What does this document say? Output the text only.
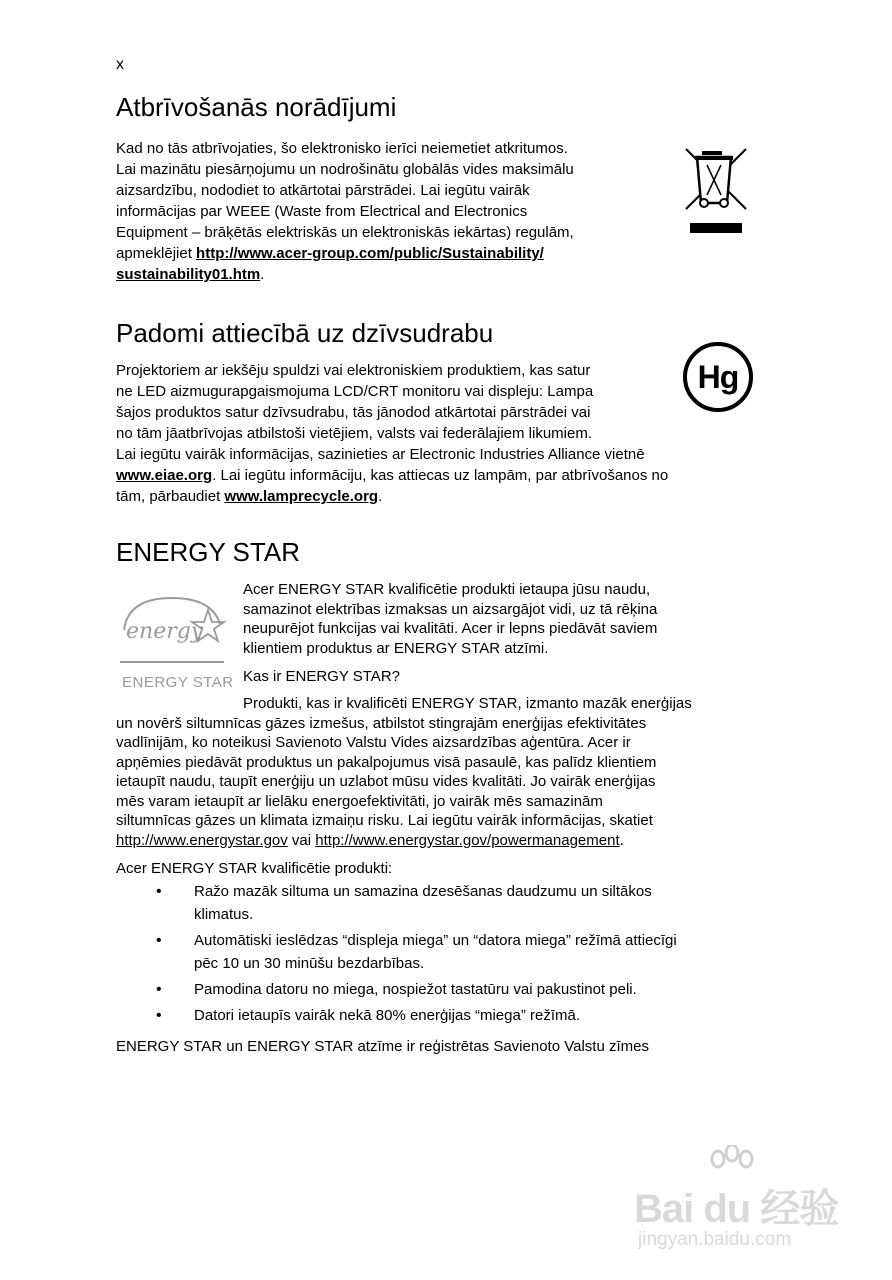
x
Atbrīvošanās norādījumi
Kad no tās atbrīvojaties, šo elektronisko ierīci neiemetiet atkritumos.
Lai mazinātu piesārņojumu un nodrošinātu globālās vides maksimālu
aizsardzību, nododiet to atkārtotai pārstrādei. Lai iegūtu vairāk
informācijas par WEEE (Waste from Electrical and Electronics
Equipment – brāķētās elektriskās un elektroniskās iekārtas) regulām,
apmeklējiet http://www.acer-group.com/public/Sustainability/
sustainability01.htm.
Padomi attiecībā uz dzīvsudrabu
Projektoriem ar iekšēju spuldzi vai elektroniskiem produktiem, kas satur
ne LED aizmugurapgaismojuma LCD/CRT monitoru vai displeju: Lampa
šajos produktos satur dzīvsudrabu, tās jānodod atkārtotai pārstrādei vai
no tām jāatbrīvojas atbilstoši vietējiem, valsts vai federālajiem likumiem.
Lai iegūtu vairāk informācijas, sazinieties ar Electronic Industries Alliance vietnē
www.eiae.org. Lai iegūtu informāciju, kas attiecas uz lampām, par atbrīvošanos no
tām, pārbaudiet www.lamprecycle.org.
Hg
ENERGY STAR
energy
ENERGY STAR
Acer ENERGY STAR kvalificētie produkti ietaupa jūsu naudu,
samazinot elektrības izmaksas un aizsargājot vidi, uz tā rēķina
neupurējot funkcijas vai kvalitāti. Acer ir lepns piedāvāt saviem
klientiem produktus ar ENERGY STAR atzīmi.
Kas ir ENERGY STAR?
Produkti, kas ir kvalificēti ENERGY STAR, izmanto mazāk enerģijas
un novērš siltumnīcas gāzes izmešus, atbilstot stingrajām enerģijas efektivitātes
vadlīnijām, ko noteikusi Savienoto Valstu Vides aizsardzības aģentūra. Acer ir
apņēmies piedāvāt produktus un pakalpojumus visā pasaulē, kas palīdz klientiem
ietaupīt naudu, taupīt enerģiju un uzlabot mūsu vides kvalitāti. Jo vairāk enerģijas
mēs varam ietaupīt ar lielāku energoefektivitāti, jo vairāk mēs samazinām
siltumnīcas gāzes un klimata izmaiņu risku. Lai iegūtu vairāk informācijas, skatiet
http://www.energystar.gov vai http://www.energystar.gov/powermanagement.
Acer ENERGY STAR kvalificētie produkti:
• Ražo mazāk siltuma un samazina dzesēšanas daudzumu un siltākos
klimatus.
• Automātiski ieslēdzas “displeja miega” un “datora miega” režīmā attiecīgi
pēc 10 un 30 minūšu bezdarbības.
• Pamodina datoru no miega, nospiežot tastatūru vai pakustinot peli.
• Datori ietaupīs vairāk nekā 80% enerģijas “miega” režīmā.
ENERGY STAR un ENERGY STAR atzīme ir reģistrētas Savienoto Valstu zīmes
Bai du 经验
jingyan.baidu.com
